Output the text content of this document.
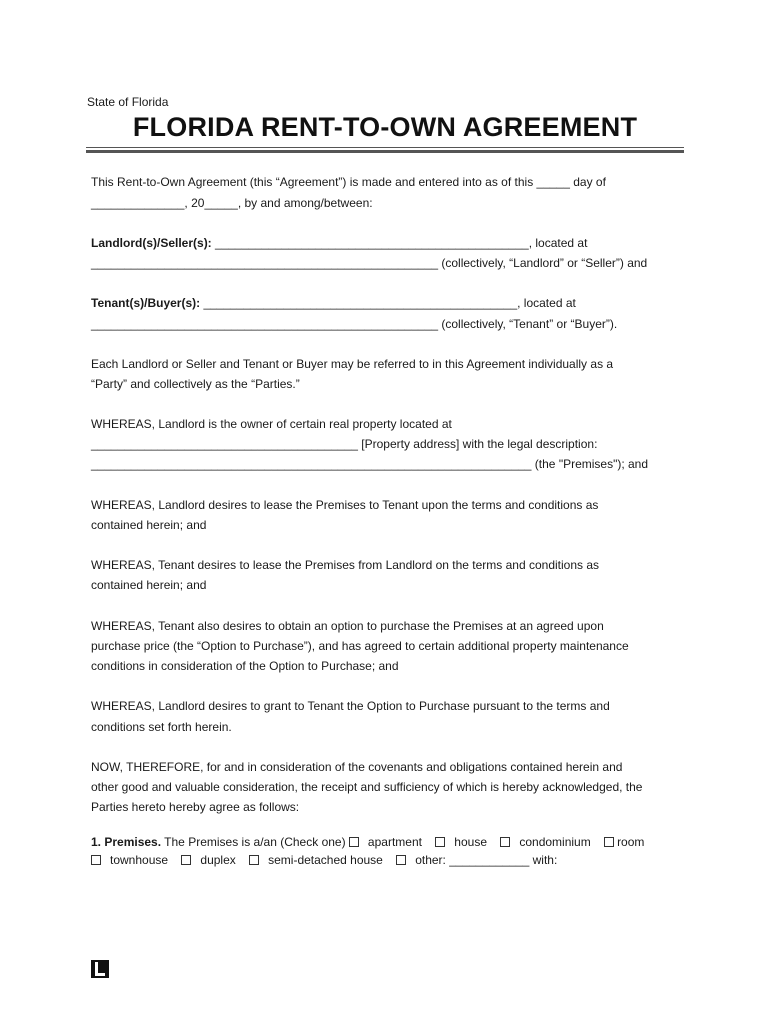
State of Florida
FLORIDA RENT-TO-OWN AGREEMENT
This Rent-to-Own Agreement (this “Agreement”) is made and entered into as of this _____ day of
______________, 20_____, by and among/between:
Landlord(s)/Seller(s): _______________________________________________, located at
____________________________________________________ (collectively, “Landlord” or “Seller”) and
Tenant(s)/Buyer(s): _______________________________________________, located at
____________________________________________________ (collectively, “Tenant” or “Buyer”).
Each Landlord or Seller and Tenant or Buyer may be referred to in this Agreement individually as a
“Party” and collectively as the “Parties.”
WHEREAS, Landlord is the owner of certain real property located at
________________________________________ [Property address] with the legal description:
__________________________________________________________________ (the "Premises"); and
WHEREAS, Landlord desires to lease the Premises to Tenant upon the terms and conditions as
contained herein; and
WHEREAS, Tenant desires to lease the Premises from Landlord on the terms and conditions as
contained herein; and
WHEREAS, Tenant also desires to obtain an option to purchase the Premises at an agreed upon
purchase price (the “Option to Purchase”), and has agreed to certain additional property maintenance
conditions in consideration of the Option to Purchase; and
WHEREAS, Landlord desires to grant to Tenant the Option to Purchase pursuant to the terms and
conditions set forth herein.
NOW, THEREFORE, for and in consideration of the covenants and obligations contained herein and
other good and valuable consideration, the receipt and sufficiency of which is hereby acknowledged, the
Parties hereto hereby agree as follows:
1. Premises. The Premises is a/an (Check one) apartment	house	condominium room
townhouse	duplex	semi-detached house	other: ____________ with:
